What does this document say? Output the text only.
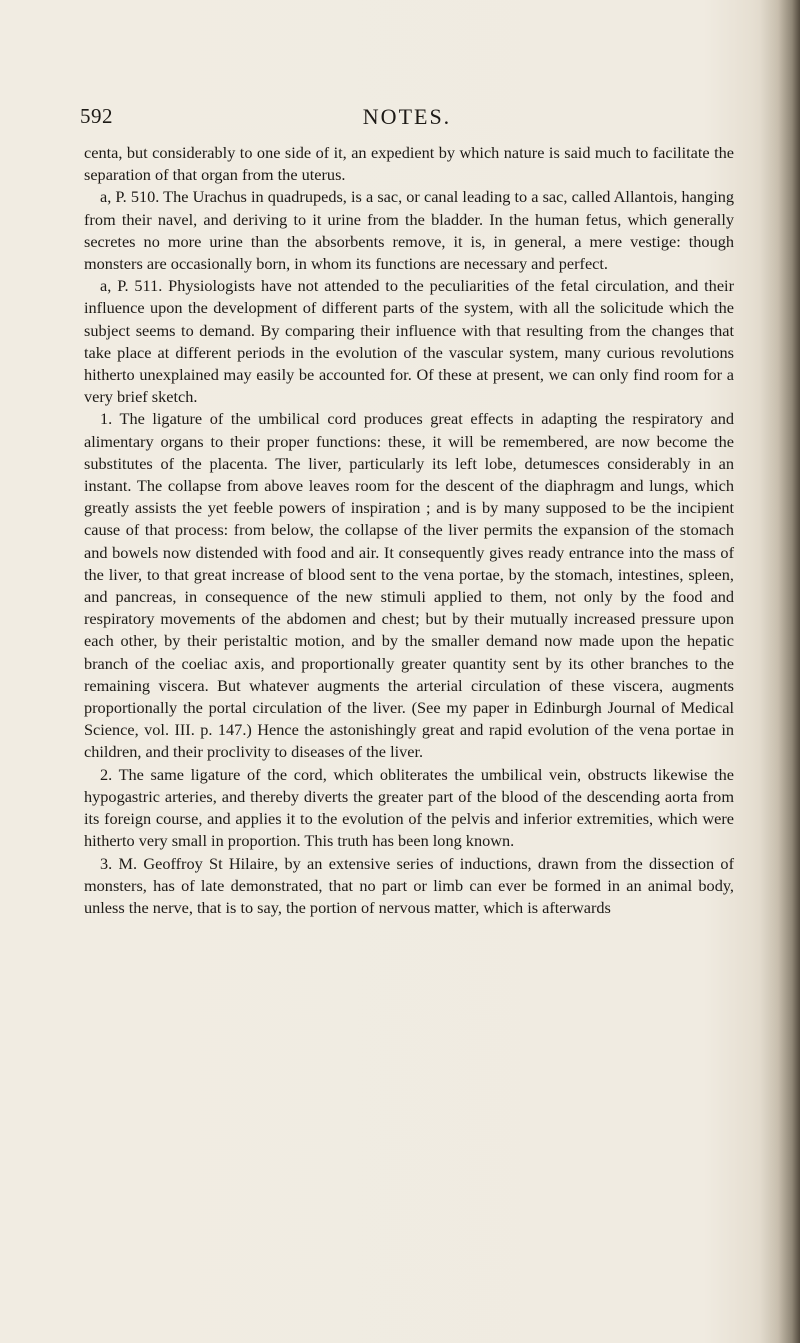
592	NOTES.

centa, but considerably to one side of it, an expedient by which nature is said much to facilitate the separation of that organ from the uterus.

a, P. 510. The Urachus in quadrupeds, is a sac, or canal leading to a sac, called Allantois, hanging from their navel, and deriving to it urine from the bladder. In the human fetus, which generally secretes no more urine than the absorbents remove, it is, in general, a mere vestige: though monsters are occasionally born, in whom its functions are necessary and perfect.

a, P. 511. Physiologists have not attended to the peculiarities of the fetal circulation, and their influence upon the development of different parts of the system, with all the solicitude which the subject seems to demand. By comparing their influence with that resulting from the changes that take place at different periods in the evolution of the vascular system, many curious revolutions hitherto unexplained may easily be accounted for. Of these at present, we can only find room for a very brief sketch.

1. The ligature of the umbilical cord produces great effects in adapting the respiratory and alimentary organs to their proper functions: these, it will be remembered, are now become the substitutes of the placenta. The liver, particularly its left lobe, detumesces considerably in an instant. The collapse from above leaves room for the descent of the diaphragm and lungs, which greatly assists the yet feeble powers of inspiration ; and is by many supposed to be the incipient cause of that process: from below, the collapse of the liver permits the expansion of the stomach and bowels now distended with food and air. It consequently gives ready entrance into the mass of the liver, to that great increase of blood sent to the vena portae, by the stomach, intestines, spleen, and pancreas, in consequence of the new stimuli applied to them, not only by the food and respiratory movements of the abdomen and chest; but by their mutually increased pressure upon each other, by their peristaltic motion, and by the smaller demand now made upon the hepatic branch of the coeliac axis, and proportionally greater quantity sent by its other branches to the remaining viscera. But whatever augments the arterial circulation of these viscera, augments proportionally the portal circulation of the liver. (See my paper in Edinburgh Journal of Medical Science, vol. III. p. 147.) Hence the astonishingly great and rapid evolution of the vena portae in children, and their proclivity to diseases of the liver.

2. The same ligature of the cord, which obliterates the umbilical vein, obstructs likewise the hypogastric arteries, and thereby diverts the greater part of the blood of the descending aorta from its foreign course, and applies it to the evolution of the pelvis and inferior extremities, which were hitherto very small in proportion. This truth has been long known.

3. M. Geoffroy St Hilaire, by an extensive series of inductions, drawn from the dissection of monsters, has of late demonstrated, that no part or limb can ever be formed in an animal body, unless the nerve, that is to say, the portion of nervous matter, which is afterwards
